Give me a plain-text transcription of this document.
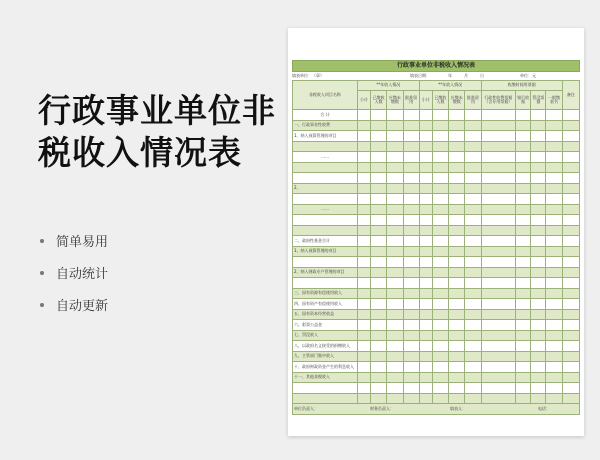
行政事业单位非
税收入情况表
简单易用
自动统计
自动更新
行政事业单位非税收入情况表
填表单位：（章）	填表日期：	年	月	日	单位：元
非税收入项目名称	**年收入情况				**年收入情况				收缴时间用票据				备注
	小计	已缴收入数	应缴未缴数	批准留用	小计	已缴收入数	应缴未缴数	批准留用	行政性收费票据（含专用票据）	银行收据	罚没票据	一般缴款书	
合 计													
一、行政事业性收费													
1、纳入预算管理的项目													

……													

2、													

……													

二、政府性基金合计													
1、纳入预算管理的项目													

2、纳入财政专户管理的项目													

三、国有资源有偿使用收入													
四、国有资产有偿使用收入													
五、国有资本经营收益													
六、彩票公益金													
七、罚没收入													
八、以政府名义接受的捐赠收入													
九、主管部门集中收入													
十、政府财政资金产生的利息收入													
十一、其他非税收入													

单位负责人：	财务负责人：	填表人：	电话：
